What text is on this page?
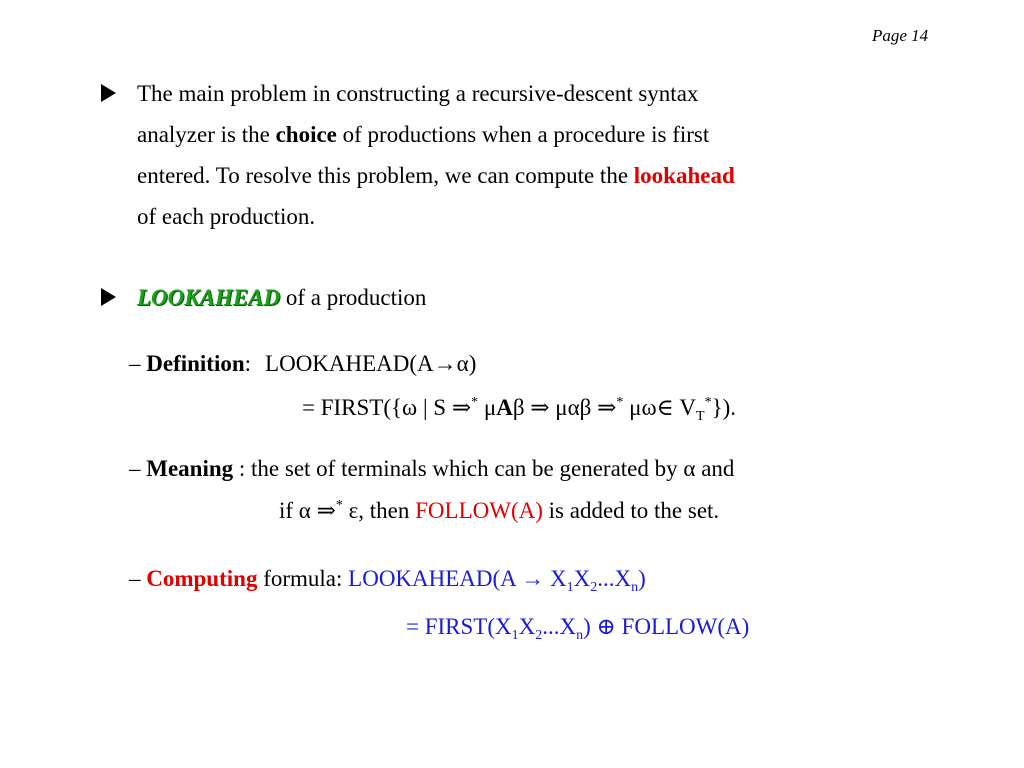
Page 14
The main problem in constructing a recursive-descent syntax
analyzer is the choice of productions when a procedure is first
entered. To resolve this problem, we can compute the lookahead
of each production.
LOOKAHEAD of a production
– Definition: LOOKAHEAD(A→α)
= FIRST({ω | S ⇒* μAβ ⇒ μαβ ⇒* μω∈ $V_T^*$}).
– Meaning : the set of terminals which can be generated by α and
if α ⇒* ε, then FOLLOW(A) is added to the set.
– Computing formula: LOOKAHEAD(A → $X_1X_2...X_n$)
= $FIRST(X_1X_2...X_n)$ ⊕ FOLLOW(A)
